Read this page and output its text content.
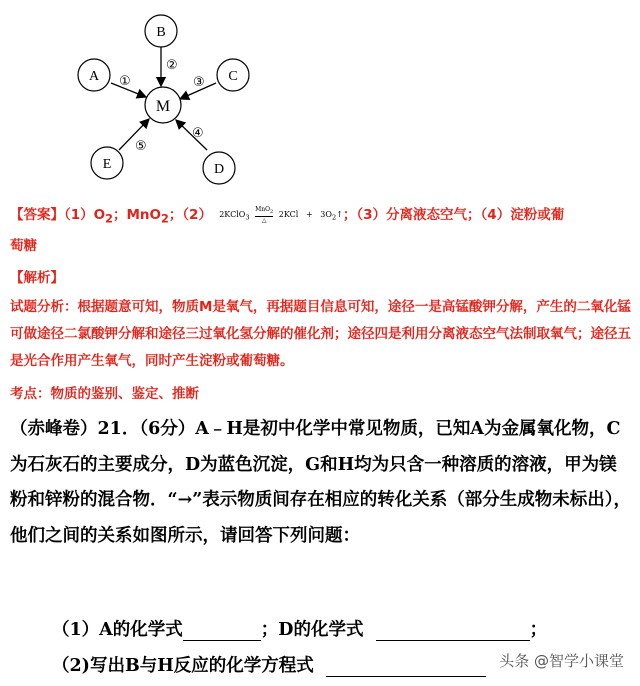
B
A	C
M
E	D
①
②
③
④
⑤
【答案】$(1)O_2$；MnO$_2$；（2） 2KClO$_3$ MnO$_2$
△ $2KCl + 3O_2↑$；（3）分离液态空气；（4）淀粉或葡
萄糖
【解析】
试题分析：根据题意可知，物质M是氧气，再据题目信息可知，途径一是高锰酸钾分解，产生的二氧化锰可做途径二氯酸钾分解和途径三过氧化氢分解的催化剂；途径四是利用分离液态空气法制取氧气；途径五是光合作用产生氧气，同时产生淀粉或葡萄糖。
考点：物质的鉴别、鉴定、推断
（赤峰卷）21．（6分）A﹣H是初中化学中常见物质，已知A为金属氧化物，C为石灰石的主要成分，D为蓝色沉淀，G和H均为只含一种溶质的溶液，甲为镁粉和锌粉的混合物．“→”表示物质间存在相应的转化关系（部分生成物未标出），他们之间的关系如图所示，请回答下列问题：
（1）A的化学式	；D的化学式	；
（2)写出B与H反应的化学方程式	头条 @智学小课堂
